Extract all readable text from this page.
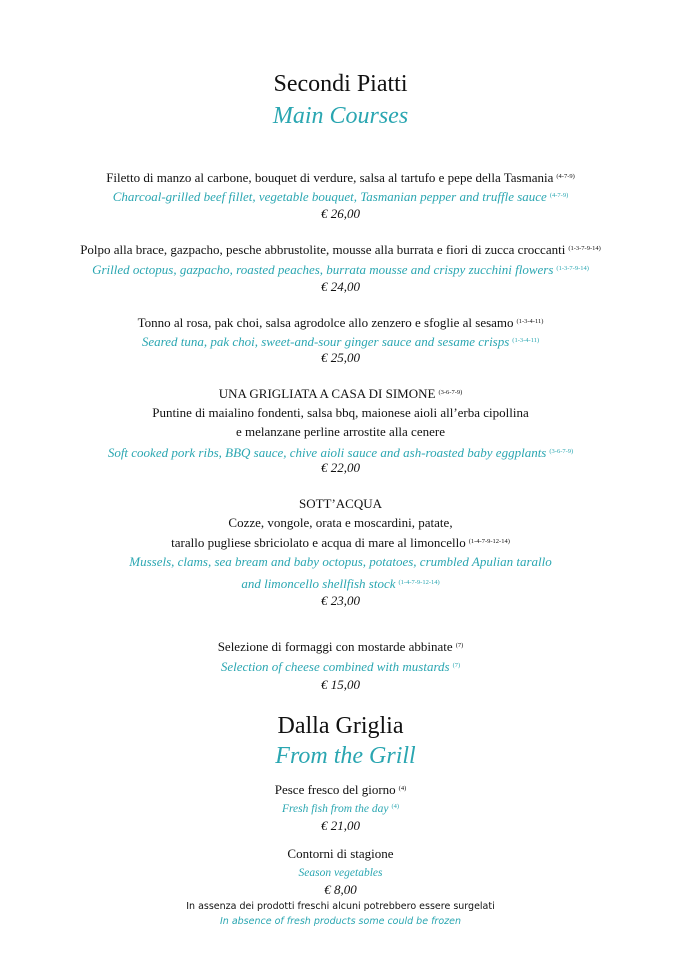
Secondi Piatti
Main Courses
Filetto di manzo al carbone, bouquet di verdure, salsa al tartufo e pepe della Tasmania $^{(4-7-9)}$
Charcoal-grilled beef fillet, vegetable bouquet, Tasmanian pepper and truffle sauce $^{(4-7-9)}$
€ 26,00
Polpo alla brace, gazpacho, pesche abbrustolite, mousse alla burrata e fiori di zucca croccanti $^{(1-3-7-9-14)}$
Grilled octopus, gazpacho, roasted peaches, burrata mousse and crispy zucchini flowers $^{(1-3-7-9-14)}$
€ 24,00
Tonno al rosa, pak choi, salsa agrodolce allo zenzero e sfoglie al sesamo $^{(1-3-4-11)}$
Seared tuna, pak choi, sweet-and-sour ginger sauce and sesame crisps $^{(1-3-4-11)}$
€ 25,00
UNA GRIGLIATA A CASA DI SIMONE $^{(3-6-7-9)}$
Puntine di maialino fondenti, salsa bbq, maionese aioli all’erba cipollina
e melanzane perline arrostite alla cenere
Soft cooked pork ribs, BBQ sauce, chive aioli sauce and ash-roasted baby eggplants $^{(3-6-7-9)}$
€ 22,00
SOTT’ACQUA
Cozze, vongole, orata e moscardini, patate,
tarallo pugliese sbriciolato e acqua di mare al limoncello $^{(1-4-7-9-12-14)}$
Mussels, clams, sea bream and baby octopus, potatoes, crumbled Apulian tarallo
and limoncello shellfish stock $^{(1-4-7-9-12-14)}$
€ 23,00
Selezione di formaggi con mostarde abbinate $^{(7)}$
Selection of cheese combined with mustards $^{(7)}$
€ 15,00
Dalla Griglia
From the Grill
Pesce fresco del giorno $^{(4)}$
Fresh fish from the day $^{(4)}$
€ 21,00
Contorni di stagione
Season vegetables
€ 8,00
In assenza dei prodotti freschi alcuni potrebbero essere surgelati
In absence of fresh products some could be frozen
